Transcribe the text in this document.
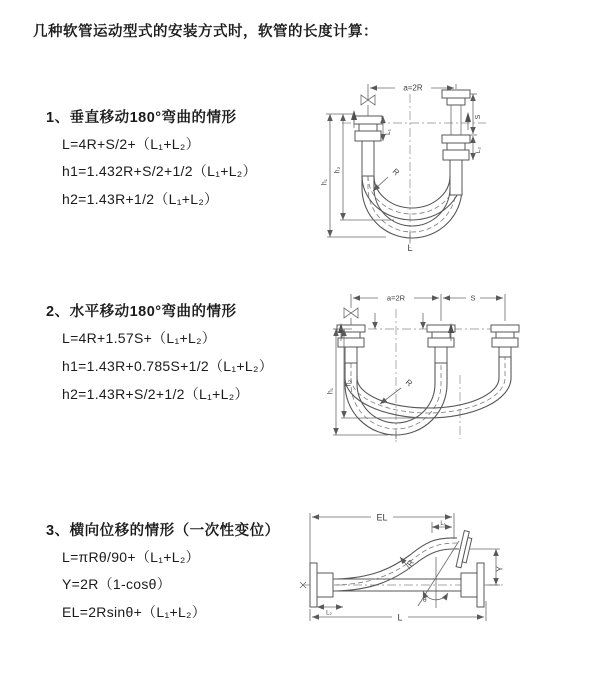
几种软管运动型式的安装方式时，软管的长度计算：
1、垂直移动180°弯曲的情形
L=4R+S/2+（L₁+L₂）
h1=1.432R+S/2+1/2（L₁+L₂）
h2=1.43R+1/2（L₁+L₂）
2、水平移动180°弯曲的情形
L=4R+1.57S+（L₁+L₂）
h1=1.43R+0.785S+1/2（L₁+L₂）
h2=1.43R+S/2+1/2（L₁+L₂）
3、横向位移的情形（一次性变位）
L=πRθ/90+（L₁+L₂）
Y=2R（1-cosθ）
EL=2Rsinθ+（L₁+L₂）
a=2R
L₁
S
L₂
h₂
h₁
R
L
a=2R	S
h₂
h₁
R
θ
EL
L₁
Y
R
L₂	L
